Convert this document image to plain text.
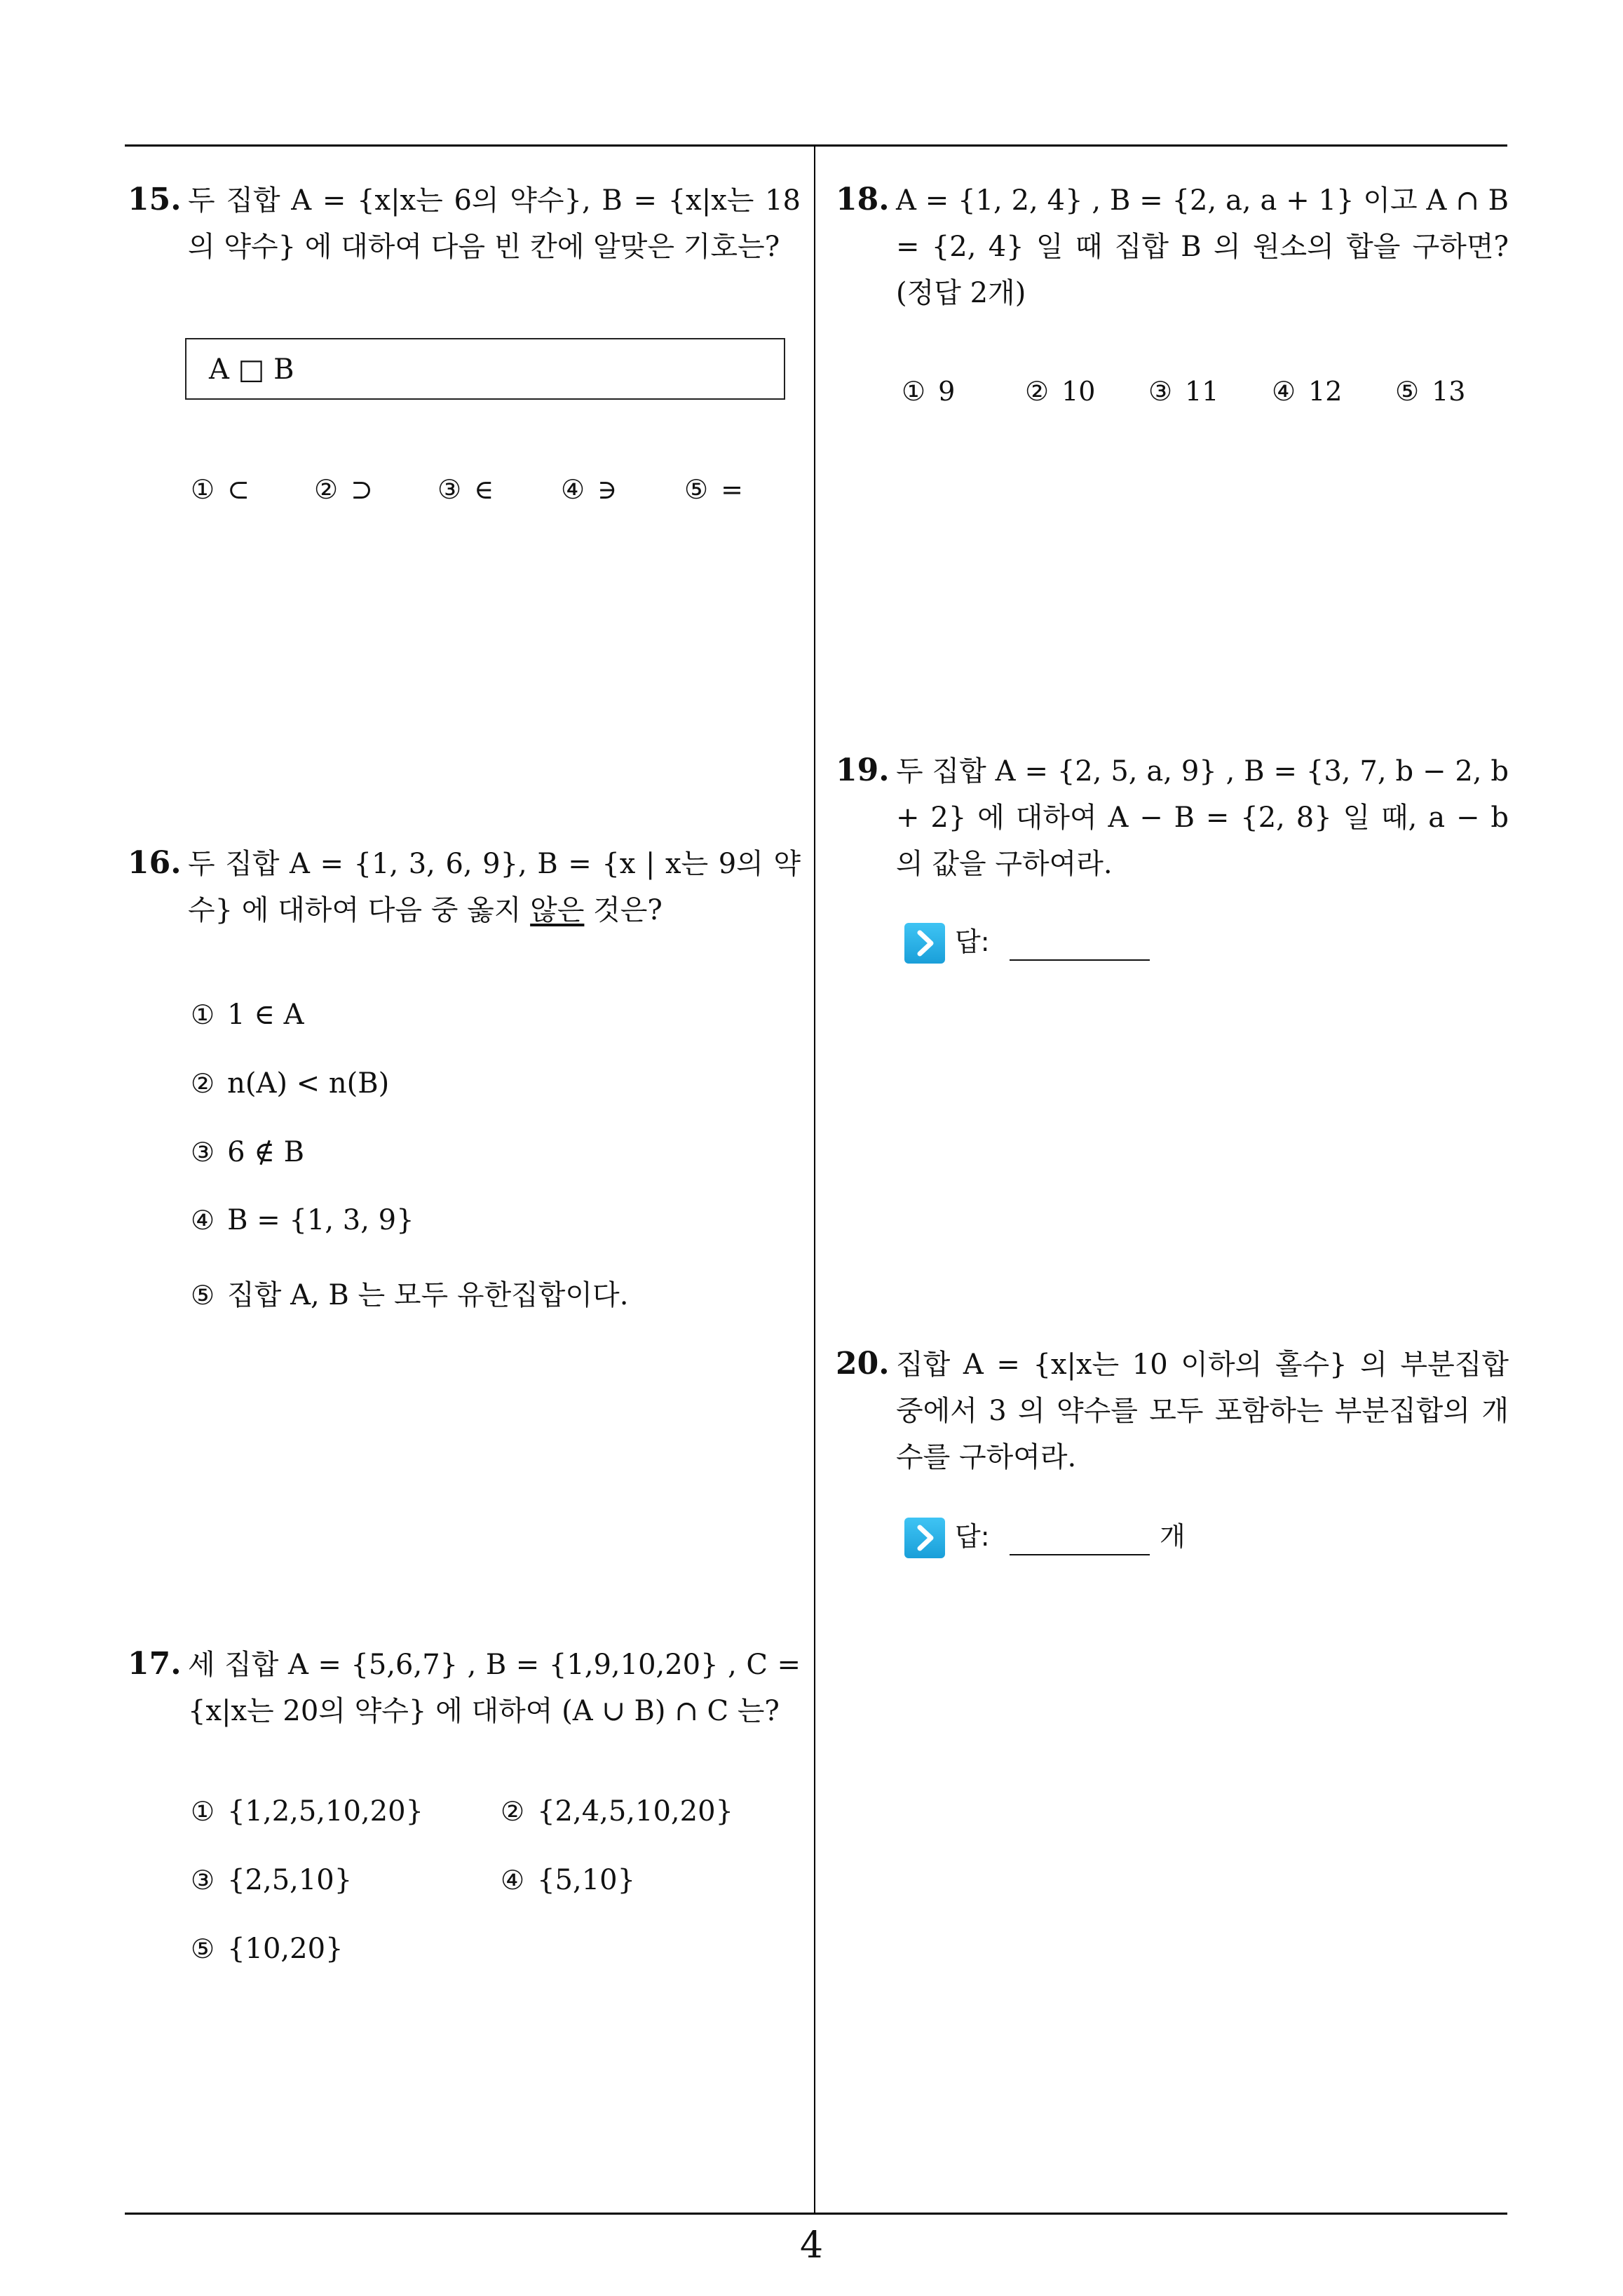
15. 두 집합 A = {x|x는 6의 약수}, B = {x|x는 18의 약수} 에 대하여 다음 빈 칸에 알맞은 기호는?
A □ B
① ⊂ ② ⊃ ③ ∈	④ ∋	⑤ =
16. 두 집합 A = {1, 3, 6, 9}, B = {x | x는 9의 약수} 에 대하여 다음 중 옳지 않은 것은?
① 1 ∈ A
② n(A) < n(B)
③ 6 ∉ B
④ B = {1, 3, 9}
⑤ 집합 A, B 는 모두 유한집합이다.
17. 세 집합 A = {5,6,7} , B = {1,9,10,20} , C = {x|x는 20의 약수} 에 대하여 (A ∪ B) ∩ C 는?
① {1,2,5,10,20}	② {2,4,5,10,20}
③ {2,5,10}	④ {5,10}
⑤ {10,20}
18. A = {1, 2, 4} , B = {2, a, a + 1} 이고 A ∩ B = {2, 4} 일 때 집합 B 의 원소의 합을 구하면?(정답 2개)
① 9	② 10 ③ 11 ④ 12 ⑤ 13
19. 두 집합 A = {2, 5, a, 9} , B = {3, 7, b − 2, b + 2} 에 대하여 A − B = {2, 8} 일 때, a − b 의 값을 구하여라.
답:
20. 집합 A = {x|x는 10 이하의 홀수} 의 부분집합 중에서 3 의 약수를 모두 포함하는 부분집합의 개수를 구하여라.
답:	개
4
